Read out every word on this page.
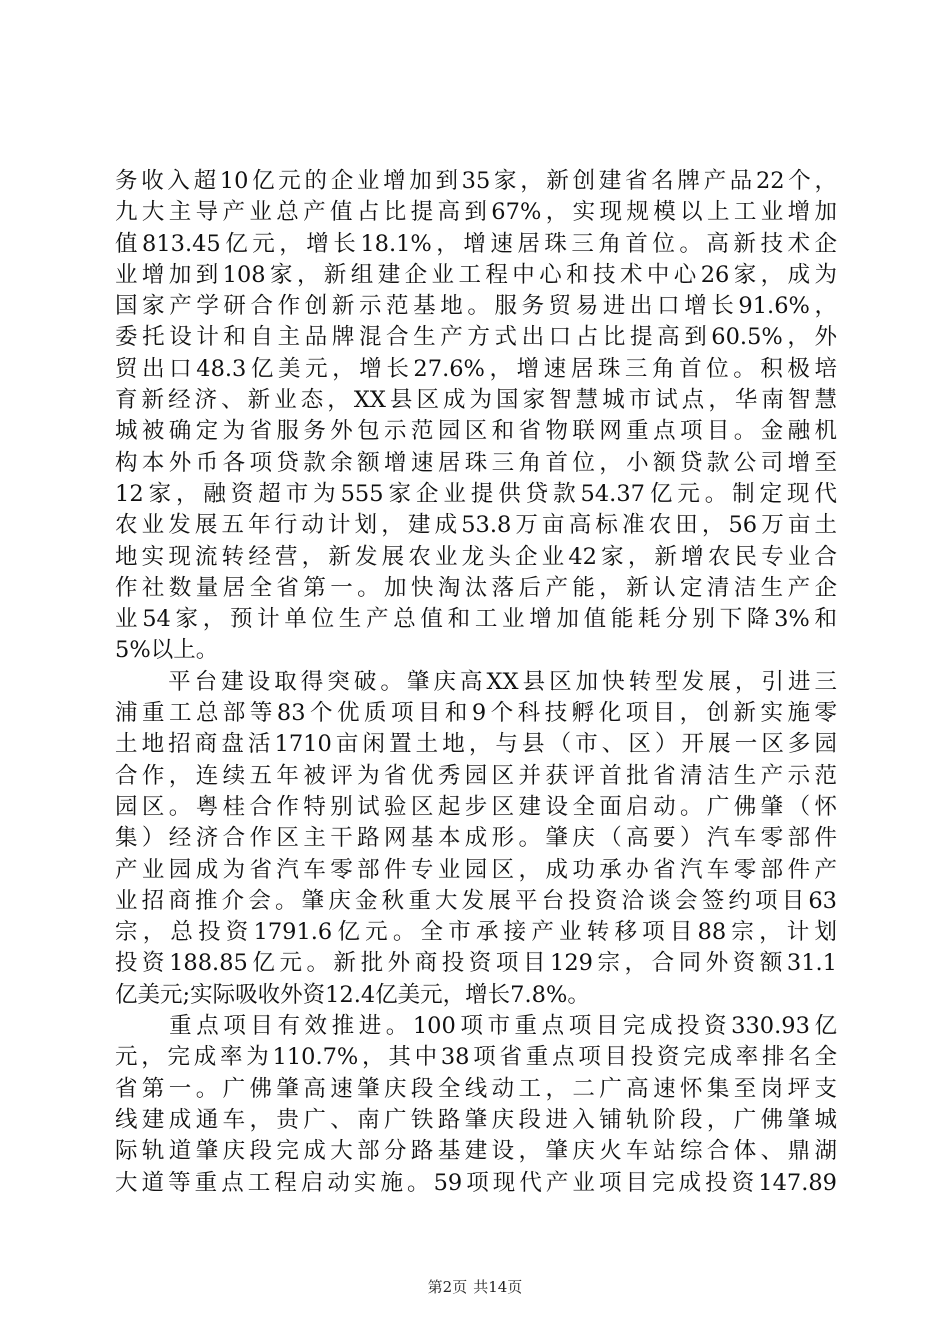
务收入超10亿元的企业增加到35家，新创建省名牌产品22个，
九大主导产业总产值占比提高到67%，实现规模以上工业增加
值813.45亿元，增长18.1%，增速居珠三角首位。高新技术企
业增加到108家，新组建企业工程中心和技术中心26家，成为
国家产学研合作创新示范基地。服务贸易进出口增长91.6%，
委托设计和自主品牌混合生产方式出口占比提高到60.5%，外
贸出口48.3亿美元，增长27.6%，增速居珠三角首位。积极培
育新经济、新业态，XX县区成为国家智慧城市试点，华南智慧
城被确定为省服务外包示范园区和省物联网重点项目。金融机
构本外币各项贷款余额增速居珠三角首位，小额贷款公司增至
12家，融资超市为555家企业提供贷款54.37亿元。制定现代
农业发展五年行动计划，建成53.8万亩高标准农田，56万亩土
地实现流转经营，新发展农业龙头企业42家，新增农民专业合
作社数量居全省第一。加快淘汰落后产能，新认定清洁生产企
业54家，预计单位生产总值和工业增加值能耗分别下降3%和
5%以上。
　　平台建设取得突破。肇庆高XX县区加快转型发展，引进三
浦重工总部等83个优质项目和9个科技孵化项目，创新实施零
土地招商盘活1710亩闲置土地，与县（市、区）开展一区多园
合作，连续五年被评为省优秀园区并获评首批省清洁生产示范
园区。粤桂合作特别试验区起步区建设全面启动。广佛肇（怀
集）经济合作区主干路网基本成形。肇庆（高要）汽车零部件
产业园成为省汽车零部件专业园区，成功承办省汽车零部件产
业招商推介会。肇庆金秋重大发展平台投资洽谈会签约项目63
宗，总投资1791.6亿元。全市承接产业转移项目88宗，计划
投资188.85亿元。新批外商投资项目129宗，合同外资额31.1
亿美元;实际吸收外资12.4亿美元，增长7.8%。
　　重点项目有效推进。100项市重点项目完成投资330.93亿
元，完成率为110.7%，其中38项省重点项目投资完成率排名全
省第一。广佛肇高速肇庆段全线动工，二广高速怀集至岗坪支
线建成通车，贵广、南广铁路肇庆段进入铺轨阶段，广佛肇城
际轨道肇庆段完成大部分路基建设，肇庆火车站综合体、鼎湖
大道等重点工程启动实施。59项现代产业项目完成投资147.89
第2页 共14页
